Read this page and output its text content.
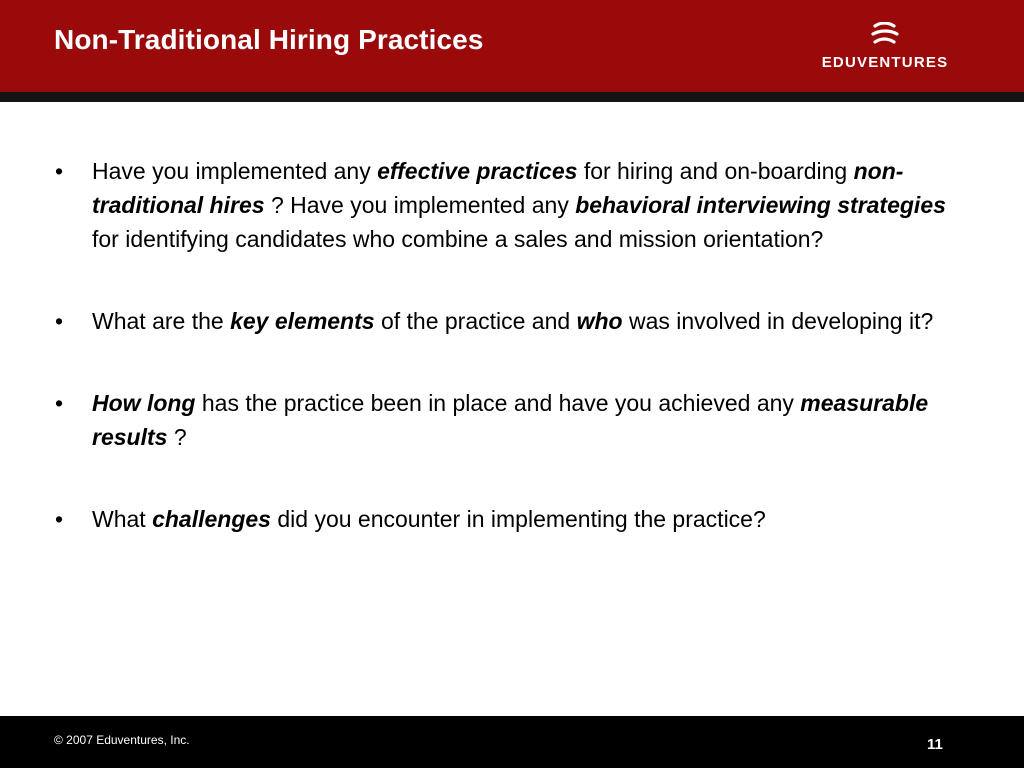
Non-Traditional Hiring Practices
EDUVENTURES
• Have you implemented any effective practices for hiring and on-boarding non-traditional hires ? Have you implemented any behavioral interviewing strategies for identifying candidates who combine a sales and mission orientation?
• What are the key elements of the practice and who was involved in developing it?
• How long has the practice been in place and have you achieved any measurable results ?
• What challenges did you encounter in implementing the practice?
© 2007 Eduventures, Inc.	11
